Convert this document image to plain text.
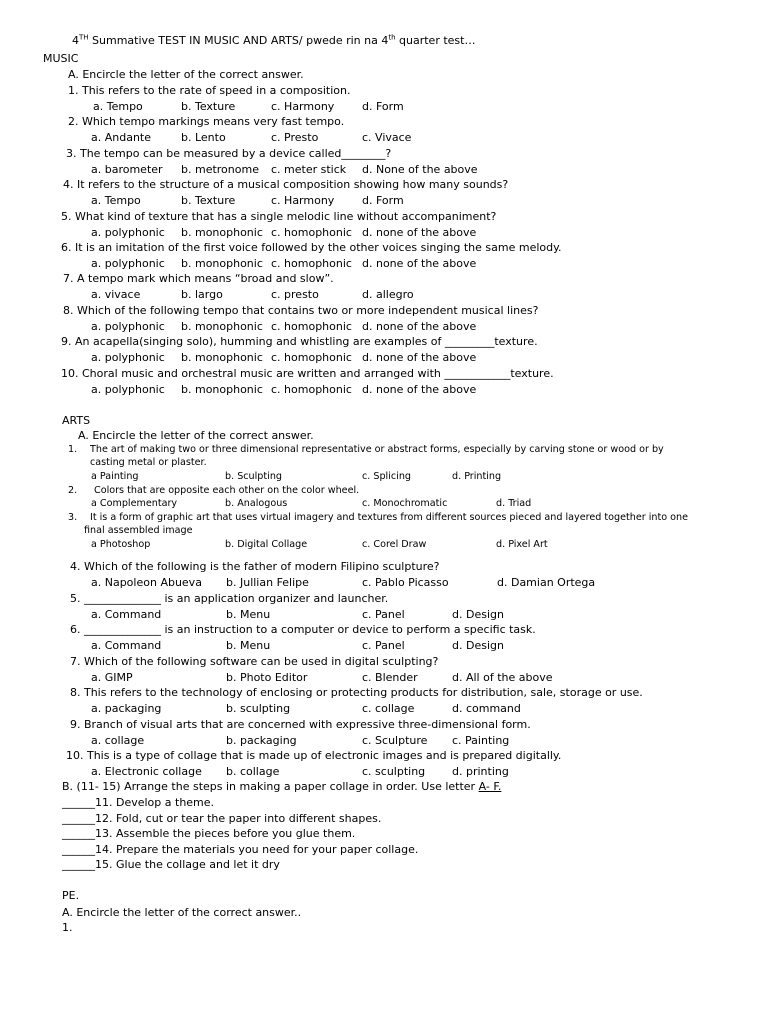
4TH Summative TEST IN MUSIC AND ARTS/ pwede rin na 4th quarter test…
MUSIC
A. Encircle the letter of the correct answer.
1. This refers to the rate of speed in a composition.
a. Tempo	b. Texture	c. Harmony	d. Form
2. Which tempo markings means very fast tempo.
a. Andante	b. Lento	c. Presto	c. Vivace
3. The tempo can be measured by a device called________?
a. barometer b. metronome c. meter stick d. None of the above
4. It refers to the structure of a musical composition showing how many sounds?
a. Tempo	b. Texture	c. Harmony	d. Form
5. What kind of texture that has a single melodic line without accompaniment?
a. polyphonic b. monophonic c. homophonic d. none of the above
6. It is an imitation of the first voice followed by the other voices singing the same melody.
a. polyphonic b. monophonic c. homophonic d. none of the above
7. A tempo mark which means “broad and slow”.
a. vivace	b. largo	c. presto	d. allegro
8. Which of the following tempo that contains two or more independent musical lines?
a. polyphonic b. monophonic c. homophonic d. none of the above
9. An acapella(singing solo), humming and whistling are examples of _________texture.
a. polyphonic b. monophonic c. homophonic d. none of the above
10. Choral music and orchestral music are written and arranged with ____________texture.
a. polyphonic b. monophonic c. homophonic d. none of the above
ARTS
A. Encircle the letter of the correct answer.
1. The art of making two or three dimensional representative or abstract forms, especially by carving stone or wood or by
casting metal or plaster.
a Painting	b. Sculpting	c. Splicing	d. Printing
2. Colors that are opposite each other on the color wheel.
a Complementary	b. Analogous	c. Monochromatic	d. Triad
3. It is a form of graphic art that uses virtual imagery and textures from different sources pieced and layered together into one
final assembled image
a Photoshop	b. Digital Collage	c. Corel Draw	d. Pixel Art
4. Which of the following is the father of modern Filipino sculpture?
a. Napoleon Abueva b. Jullian Felipe	c. Pablo Picasso	d. Damian Ortega
5. ______________ is an application organizer and launcher.
a. Command	b. Menu	c. Panel	d. Design
6. ______________ is an instruction to a computer or device to perform a specific task.
a. Command	b. Menu	c. Panel	d. Design
7. Which of the following software can be used in digital sculpting?
a. GIMP	b. Photo Editor	c. Blender	d. All of the above
8. This refers to the technology of enclosing or protecting products for distribution, sale, storage or use.
a. packaging	b. sculpting	c. collage	d. command
9. Branch of visual arts that are concerned with expressive three-dimensional form.
a. collage	b. packaging	c. Sculpture c. Painting
10. This is a type of collage that is made up of electronic images and is prepared digitally.
a. Electronic collage b. collage	c. sculpting d. printing
B. (11- 15) Arrange the steps in making a paper collage in order. Use letter A- F.
______11. Develop a theme.
______12. Fold, cut or tear the paper into different shapes.
______13. Assemble the pieces before you glue them.
______14. Prepare the materials you need for your paper collage.
______15. Glue the collage and let it dry
PE.
A. Encircle the letter of the correct answer..
1.
